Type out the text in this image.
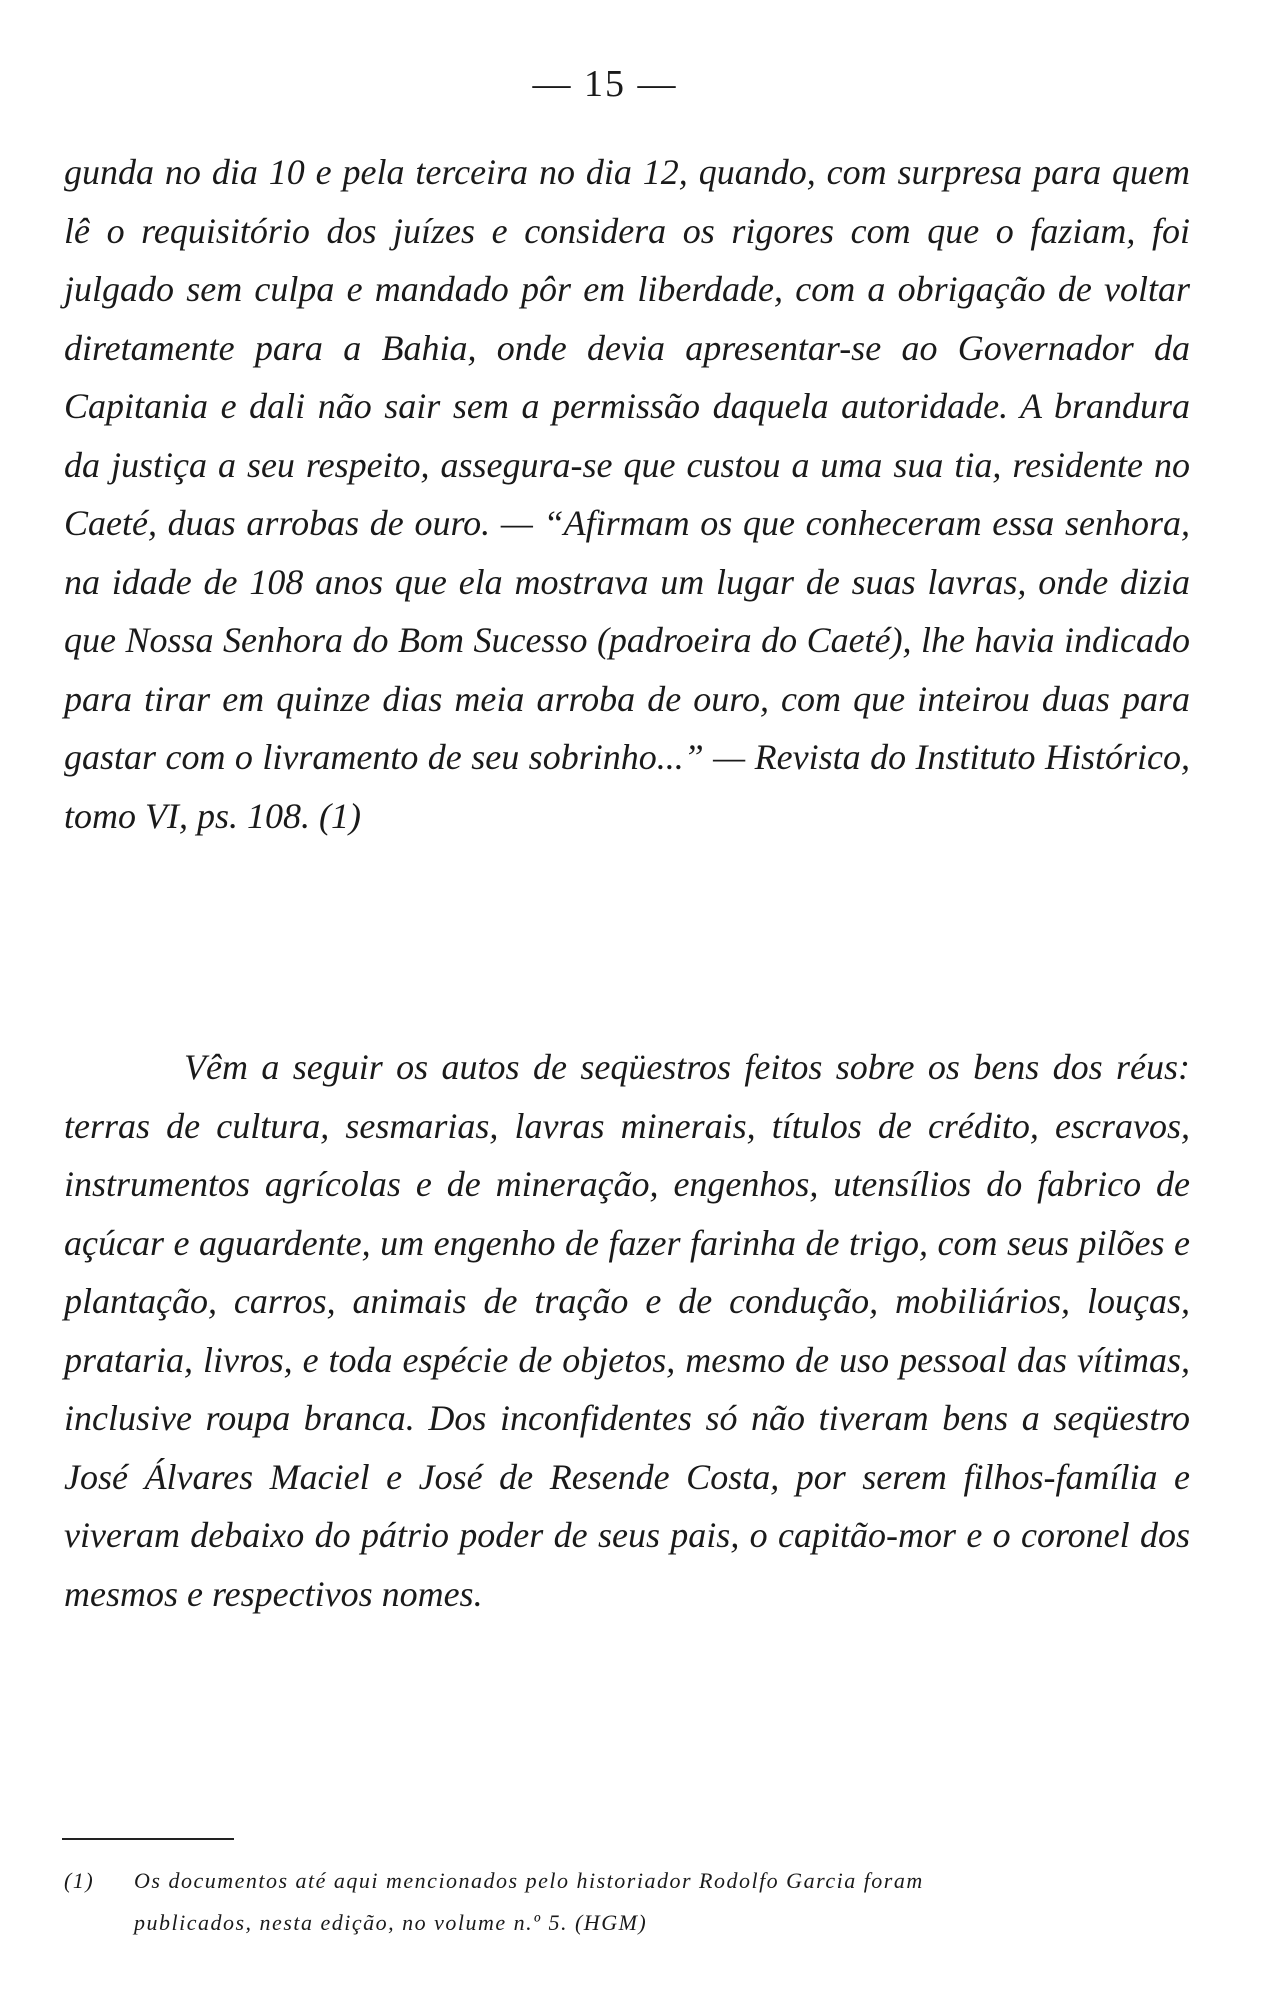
— 15 —

gunda no dia 10 e pela terceira no dia 12, quando, com surpresa para quem lê o requisitório dos juízes e considera os rigores com que o faziam, foi julgado sem culpa e mandado pôr em liberdade, com a obrigação de voltar diretamente para a Bahia, onde devia apresentar-se ao Governador da Capitania e dali não sair sem a permissão daquela autoridade. A brandura da justiça a seu respeito, assegura-se que custou a uma sua tia, residente no Caeté, duas arrobas de ouro. — “Afirmam os que conheceram essa senhora, na idade de 108 anos que ela mostrava um lugar de suas lavras, onde dizia que Nossa Senhora do Bom Sucesso (padroeira do Caeté), lhe havia indicado para tirar em quinze dias meia arroba de ouro, com que inteirou duas para gastar com o livramento de seu sobrinho...” — Revista do Instituto Histórico, tomo VI, ps. 108. (1)

Vêm a seguir os autos de seqüestros feitos sobre os bens dos réus: terras de cultura, sesmarias, lavras minerais, títulos de crédito, escravos, instrumentos agrícolas e de mineração, engenhos, utensílios do fabrico de açúcar e aguardente, um engenho de fazer farinha de trigo, com seus pilões e plantação, carros, animais de tração e de condução, mobiliários, louças, prataria, livros, e toda espécie de objetos, mesmo de uso pessoal das vítimas, inclusive roupa branca. Dos inconfidentes só não tiveram bens a seqüestro José Álvares Maciel e José de Resende Costa, por serem filhos-família e viveram debaixo do pátrio poder de seus pais, o capitão-mor e o coronel dos mesmos e respectivos nomes.

(1) Os documentos até aqui mencionados pelo historiador Rodolfo Garcia foram
publicados, nesta edição, no volume n.º 5. (HGM)
